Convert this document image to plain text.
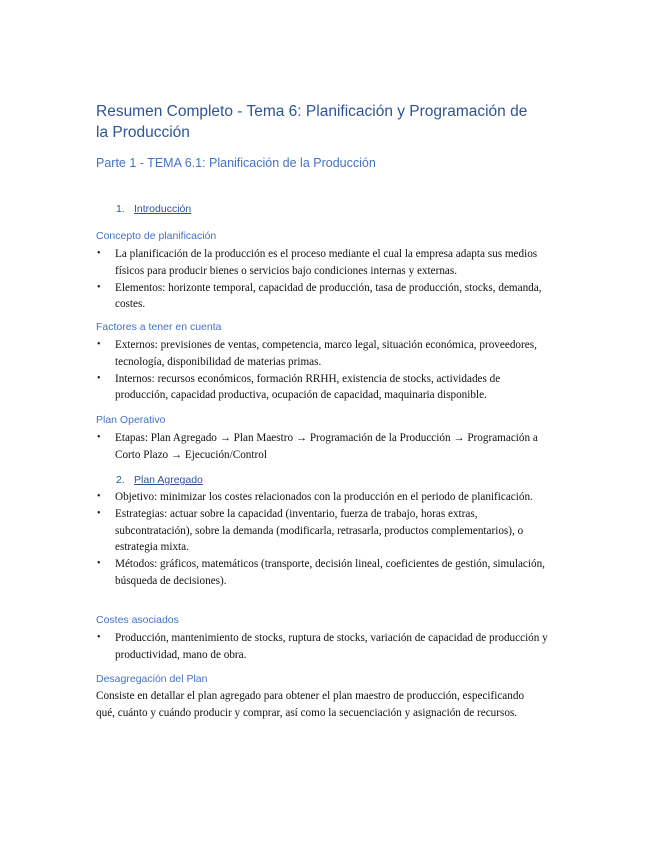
Resumen Completo - Tema 6: Planificación y Programación de la Producción
Parte 1 - TEMA 6.1: Planificación de la Producción
1. Introducción
Concepto de planificación
• La planificación de la producción es el proceso mediante el cual la empresa adapta sus medios físicos para producir bienes o servicios bajo condiciones internas y externas.
• Elementos: horizonte temporal, capacidad de producción, tasa de producción, stocks, demanda, costes.
Factores a tener en cuenta
• Externos: previsiones de ventas, competencia, marco legal, situación económica, proveedores, tecnología, disponibilidad de materias primas.
• Internos: recursos económicos, formación RRHH, existencia de stocks, actividades de producción, capacidad productiva, ocupación de capacidad, maquinaria disponible.
Plan Operativo
• Etapas: Plan Agregado → Plan Maestro → Programación de la Producción → Programación a Corto Plazo → Ejecución/Control
2. Plan Agregado
• Objetivo: minimizar los costes relacionados con la producción en el periodo de planificación.
• Estrategias: actuar sobre la capacidad (inventario, fuerza de trabajo, horas extras, subcontratación), sobre la demanda (modificarla, retrasarla, productos complementarios), o estrategia mixta.
• Métodos: gráficos, matemáticos (transporte, decisión lineal, coeficientes de gestión, simulación, búsqueda de decisiones).
Costes asociados
• Producción, mantenimiento de stocks, ruptura de stocks, variación de capacidad de producción y productividad, mano de obra.
Desagregación del Plan

Consiste en detallar el plan agregado para obtener el plan maestro de producción, especificando qué, cuánto y cuándo producir y comprar, así como la secuenciación y asignación de recursos.
